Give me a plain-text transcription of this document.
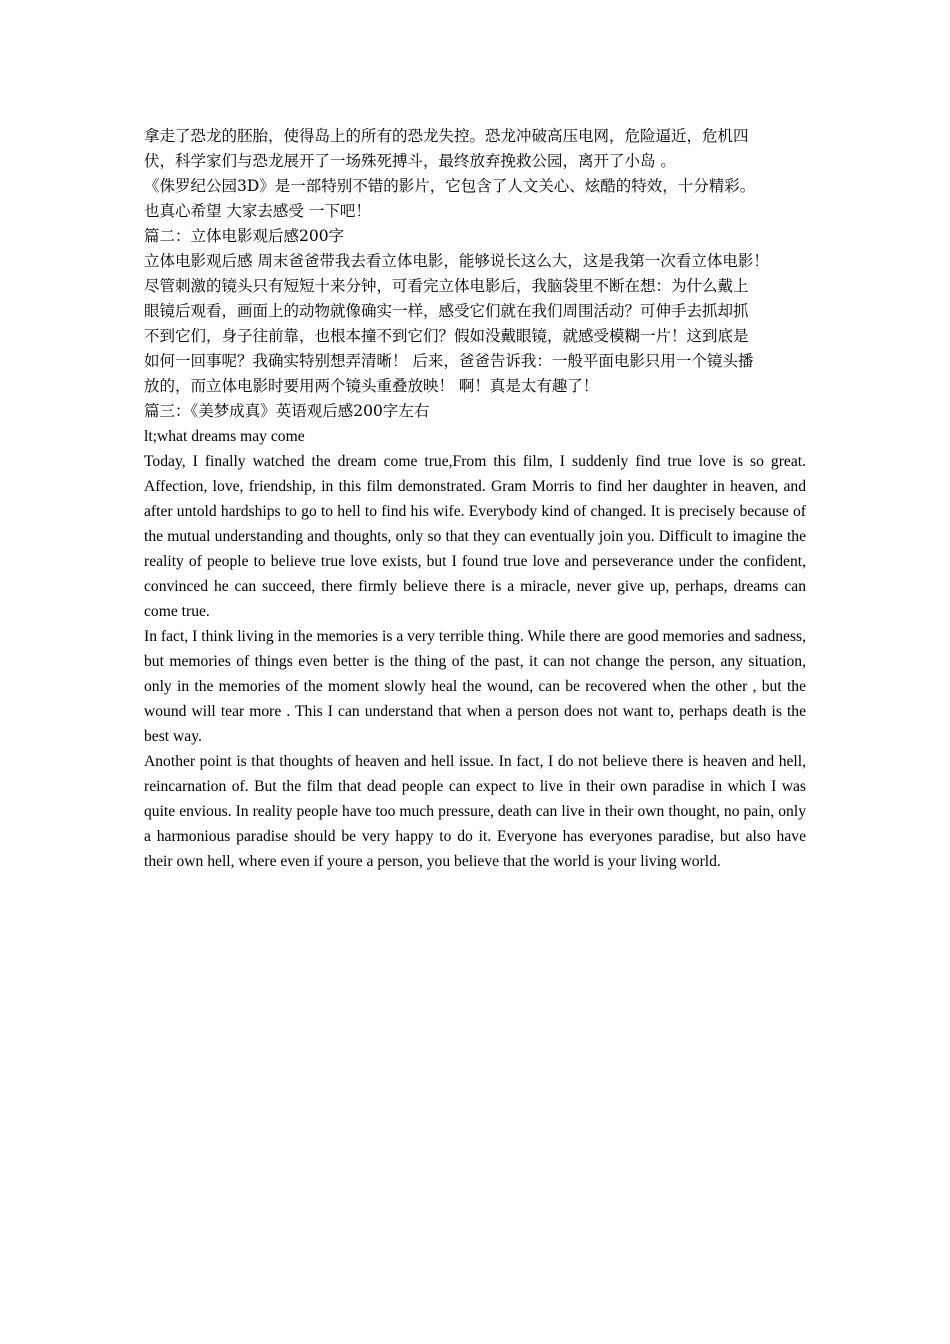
拿走了恐龙的胚胎，使得岛上的所有的恐龙失控。恐龙冲破高压电网，危险逼近，危机四
伏，科学家们与恐龙展开了一场殊死搏斗，最终放弃挽救公园，离开了小岛 。
《侏罗纪公园3D》是一部特别不错的影片，它包含了人文关心、炫酷的特效，十分精彩。
也真心希望 大家去感受 一下吧！
篇二：立体电影观后感200字
立体电影观后感 周末爸爸带我去看立体电影，能够说长这么大，这是我第一次看立体电影！
尽管刺激的镜头只有短短十来分钟，可看完立体电影后，我脑袋里不断在想：为什么戴上
眼镜后观看，画面上的动物就像确实一样，感受它们就在我们周围活动？可伸手去抓却抓
不到它们，身子往前靠，也根本撞不到它们？假如没戴眼镜，就感受模糊一片！这到底是
如何一回事呢？我确实特别想弄清晰！ 后来，爸爸告诉我：一般平面电影只用一个镜头播
放的，而立体电影时要用两个镜头重叠放映！ 啊！真是太有趣了！
篇三：《美梦成真》英语观后感200字左右
lt;what dreams may come

Today, I finally watched the dream come true,From this film, I suddenly find true love is so great. Affection, love, friendship, in this film demonstrated. Gram Morris to find her daughter in heaven, and after untold hardships to go to hell to find his wife. Everybody kind of changed. It is precisely because of the mutual understanding and thoughts, only so that they can eventually join you. Difficult to imagine the reality of people to believe true love exists, but I found true love and perseverance under the confident, convinced he can succeed, there firmly believe there is a miracle, never give up, perhaps, dreams can come true.

In fact, I think living in the memories is a very terrible thing. While there are good memories and sadness, but memories of things even better is the thing of the past, it can not change the person, any situation, only in the memories of the moment slowly heal the wound, can be recovered when the other , but the wound will tear more . This I can understand that when a person does not want to, perhaps death is the best way.

Another point is that thoughts of heaven and hell issue. In fact, I do not believe there is heaven and hell, reincarnation of. But the film that dead people can expect to live in their own paradise in which I was quite envious. In reality people have too much pressure, death can live in their own thought, no pain, only a harmonious paradise should be very happy to do it. Everyone has everyones paradise, but also have their own hell, where even if youre a person, you believe that the world is your living world.
